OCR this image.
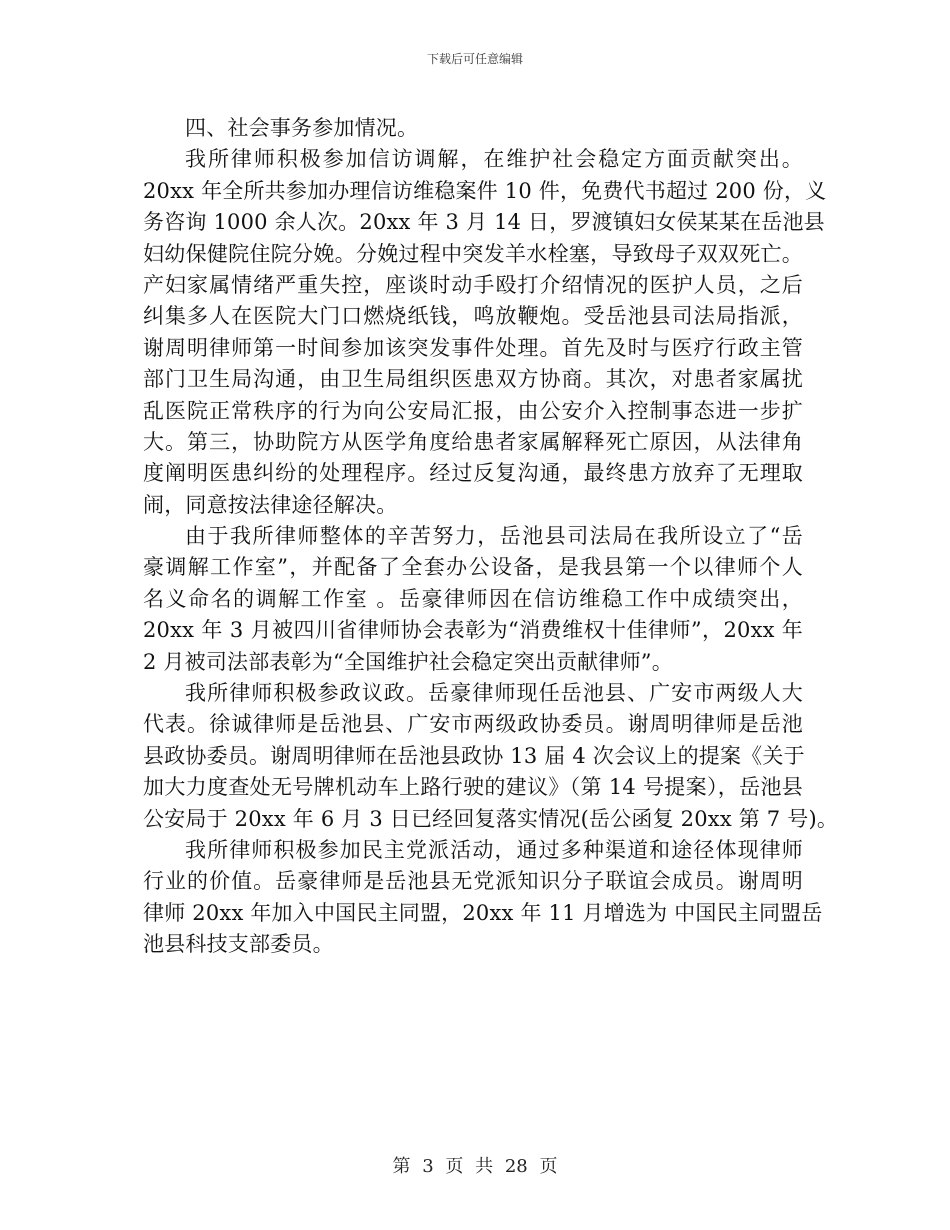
下载后可任意编辑
四、社会事务参加情况。
我所律师积极参加信访调解，在维护社会稳定方面贡献突出。
20xx 年全所共参加办理信访维稳案件 10 件，免费代书超过 200 份，义
务咨询 1000 余人次。20xx 年 3 月 14 日，罗渡镇妇女侯某某在岳池县
妇幼保健院住院分娩。分娩过程中突发羊水栓塞，导致母子双双死亡。
产妇家属情绪严重失控，座谈时动手殴打介绍情况的医护人员，之后
纠集多人在医院大门口燃烧纸钱，鸣放鞭炮。受岳池县司法局指派，
谢周明律师第一时间参加该突发事件处理。首先及时与医疗行政主管
部门卫生局沟通，由卫生局组织医患双方协商。其次，对患者家属扰
乱医院正常秩序的行为向公安局汇报，由公安介入控制事态进一步扩
大。第三，协助院方从医学角度给患者家属解释死亡原因，从法律角
度阐明医患纠纷的处理程序。经过反复沟通，最终患方放弃了无理取
闹，同意按法律途径解决。
由于我所律师整体的辛苦努力，岳池县司法局在我所设立了“岳
豪调解工作室”，并配备了全套办公设备，是我县第一个以律师个人
名义命名的调解工作室 。岳豪律师因在信访维稳工作中成绩突出，
20xx 年 3 月被四川省律师协会表彰为“消费维权十佳律师”，20xx 年
2 月被司法部表彰为“全国维护社会稳定突出贡献律师”。
我所律师积极参政议政。岳豪律师现任岳池县、广安市两级人大
代表。徐诚律师是岳池县、广安市两级政协委员。谢周明律师是岳池
县政协委员。谢周明律师在岳池县政协 13 届 4 次会议上的提案《关于
加大力度查处无号牌机动车上路行驶的建议》（第 14 号提案），岳池县
公安局于 20xx 年 6 月 3 日已经回复落实情况(岳公函复 20xx 第 7 号)。
我所律师积极参加民主党派活动，通过多种渠道和途径体现律师
行业的价值。岳豪律师是岳池县无党派知识分子联谊会成员。谢周明
律师 20xx 年加入中国民主同盟，20xx 年 11 月增选为 中国民主同盟岳
池县科技支部委员。
第 3 页 共 28 页
